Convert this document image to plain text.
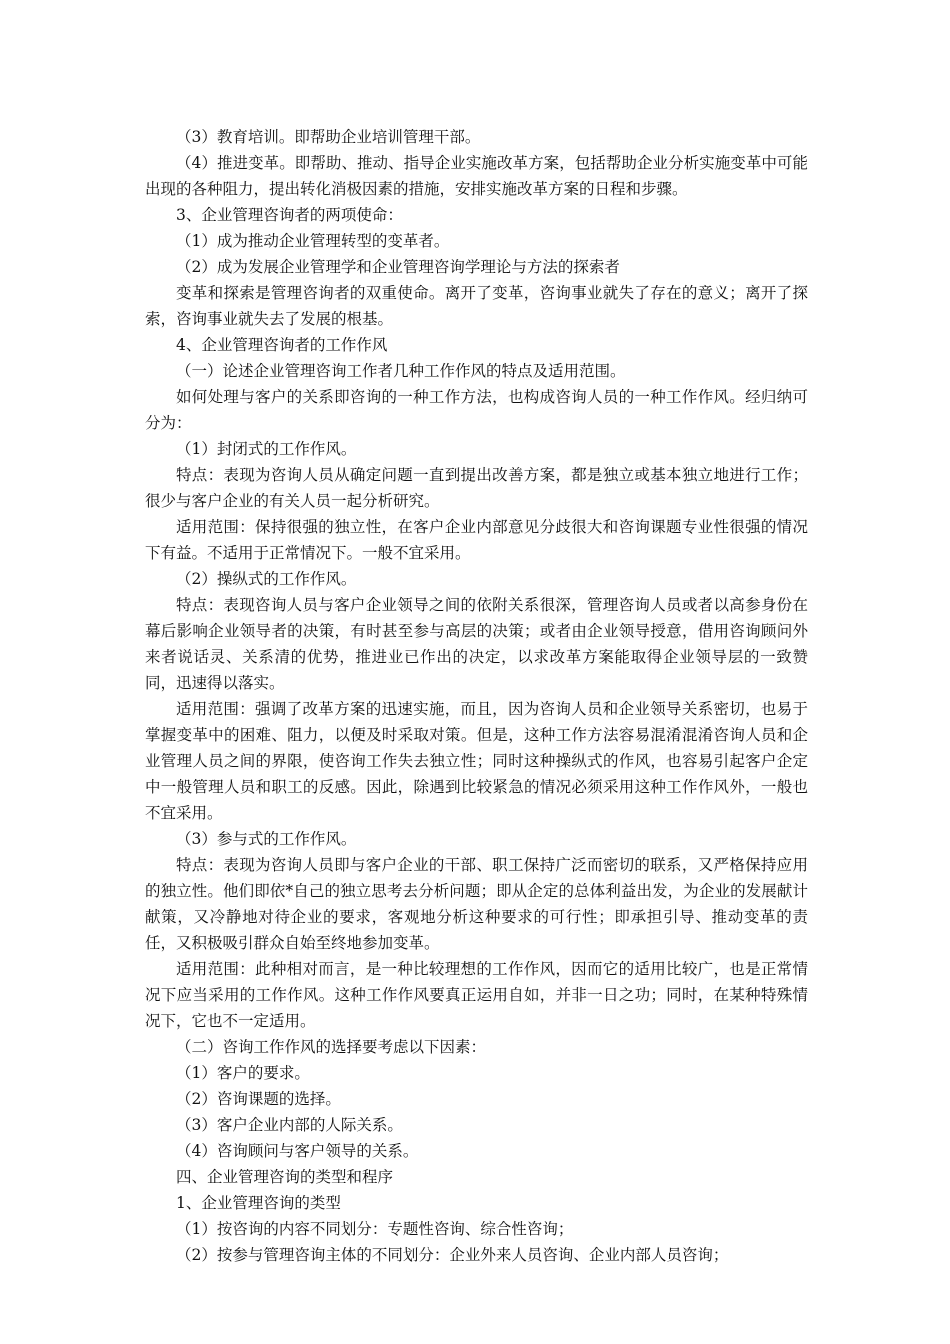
（3）教育培训。即帮助企业培训管理干部。

（4）推进变革。即帮助、推动、指导企业实施改革方案，包括帮助企业分析实施变革中可能出现的各种阻力，提出转化消极因素的措施，安排实施改革方案的日程和步骤。

3、企业管理咨询者的两项使命：

（1）成为推动企业管理转型的变革者。

（2）成为发展企业管理学和企业管理咨询学理论与方法的探索者

变革和探索是管理咨询者的双重使命。离开了变革，咨询事业就失了存在的意义；离开了探索，咨询事业就失去了发展的根基。

4、企业管理咨询者的工作作风

（一）论述企业管理咨询工作者几种工作作风的特点及适用范围。

如何处理与客户的关系即咨询的一种工作方法，也构成咨询人员的一种工作作风。经归纳可分为：

（1）封闭式的工作作风。

特点：表现为咨询人员从确定问题一直到提出改善方案，都是独立或基本独立地进行工作；很少与客户企业的有关人员一起分析研究。

适用范围：保持很强的独立性，在客户企业内部意见分歧很大和咨询课题专业性很强的情况下有益。不适用于正常情况下。一般不宜采用。

（2）操纵式的工作作风。

特点：表现咨询人员与客户企业领导之间的依附关系很深，管理咨询人员或者以高参身份在幕后影响企业领导者的决策，有时甚至参与高层的决策；或者由企业领导授意，借用咨询顾问外来者说话灵、关系清的优势，推进业已作出的决定，以求改革方案能取得企业领导层的一致赞同，迅速得以落实。

适用范围：强调了改革方案的迅速实施，而且，因为咨询人员和企业领导关系密切，也易于掌握变革中的困难、阻力，以便及时采取对策。但是，这种工作方法容易混淆混淆咨询人员和企业管理人员之间的界限，使咨询工作失去独立性；同时这种操纵式的作风，也容易引起客户企定中一般管理人员和职工的反感。因此，除遇到比较紧急的情况必须采用这种工作作风外，一般也不宜采用。

（3）参与式的工作作风。

特点：表现为咨询人员即与客户企业的干部、职工保持广泛而密切的联系，又严格保持应用的独立性。他们即依*自己的独立思考去分析问题；即从企定的总体利益出发，为企业的发展献计献策，又冷静地对待企业的要求，客观地分析这种要求的可行性；即承担引导、推动变革的责任，又积极吸引群众自始至终地参加变革。

适用范围：此种相对而言，是一种比较理想的工作作风，因而它的适用比较广，也是正常情况下应当采用的工作作风。这种工作作风要真正运用自如，并非一日之功；同时，在某种特殊情况下，它也不一定适用。

（二）咨询工作作风的选择要考虑以下因素：

（1）客户的要求。

（2）咨询课题的选择。

（3）客户企业内部的人际关系。

（4）咨询顾问与客户领导的关系。

四、企业管理咨询的类型和程序

1、企业管理咨询的类型

（1）按咨询的内容不同划分：专题性咨询、综合性咨询；

（2）按参与管理咨询主体的不同划分：企业外来人员咨询、企业内部人员咨询；
